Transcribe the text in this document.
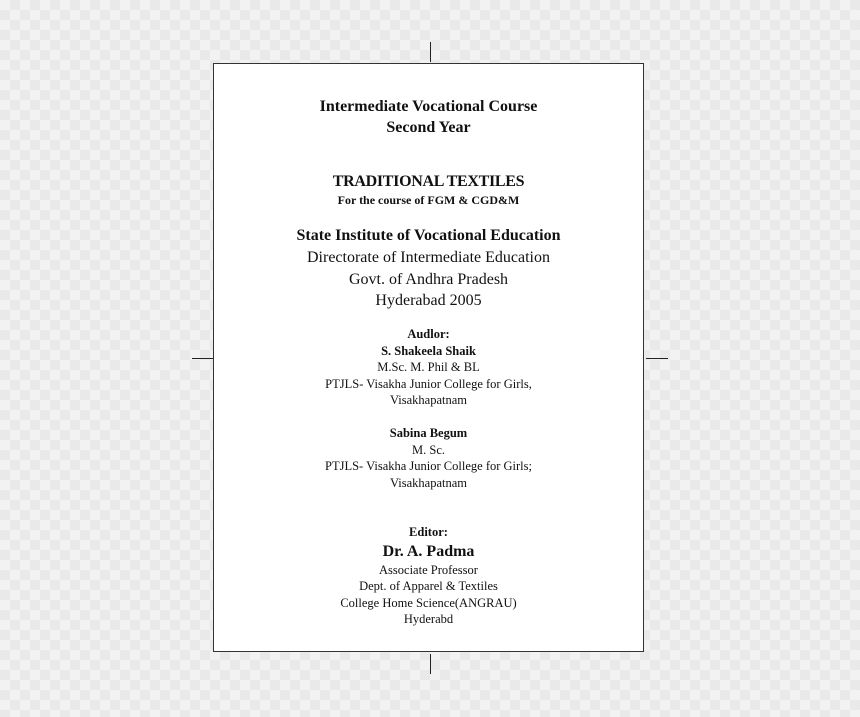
Intermediate Vocational Course
Second Year
TRADITIONAL TEXTILES
For the course of FGM & CGD&M
State Institute of Vocational Education
Directorate of Intermediate Education
Govt. of Andhra Pradesh
Hyderabad 2005
Audlor:
S. Shakeela Shaik
M.Sc. M. Phil & BL
PTJLS- Visakha Junior College for Girls,
Visakhapatnam
Sabina Begum
M. Sc.
PTJLS- Visakha Junior College for Girls;
Visakhapatnam
Editor:
Dr. A. Padma
Associate Professor
Dept. of Apparel & Textiles
College Home Science(ANGRAU)
Hyderabd
